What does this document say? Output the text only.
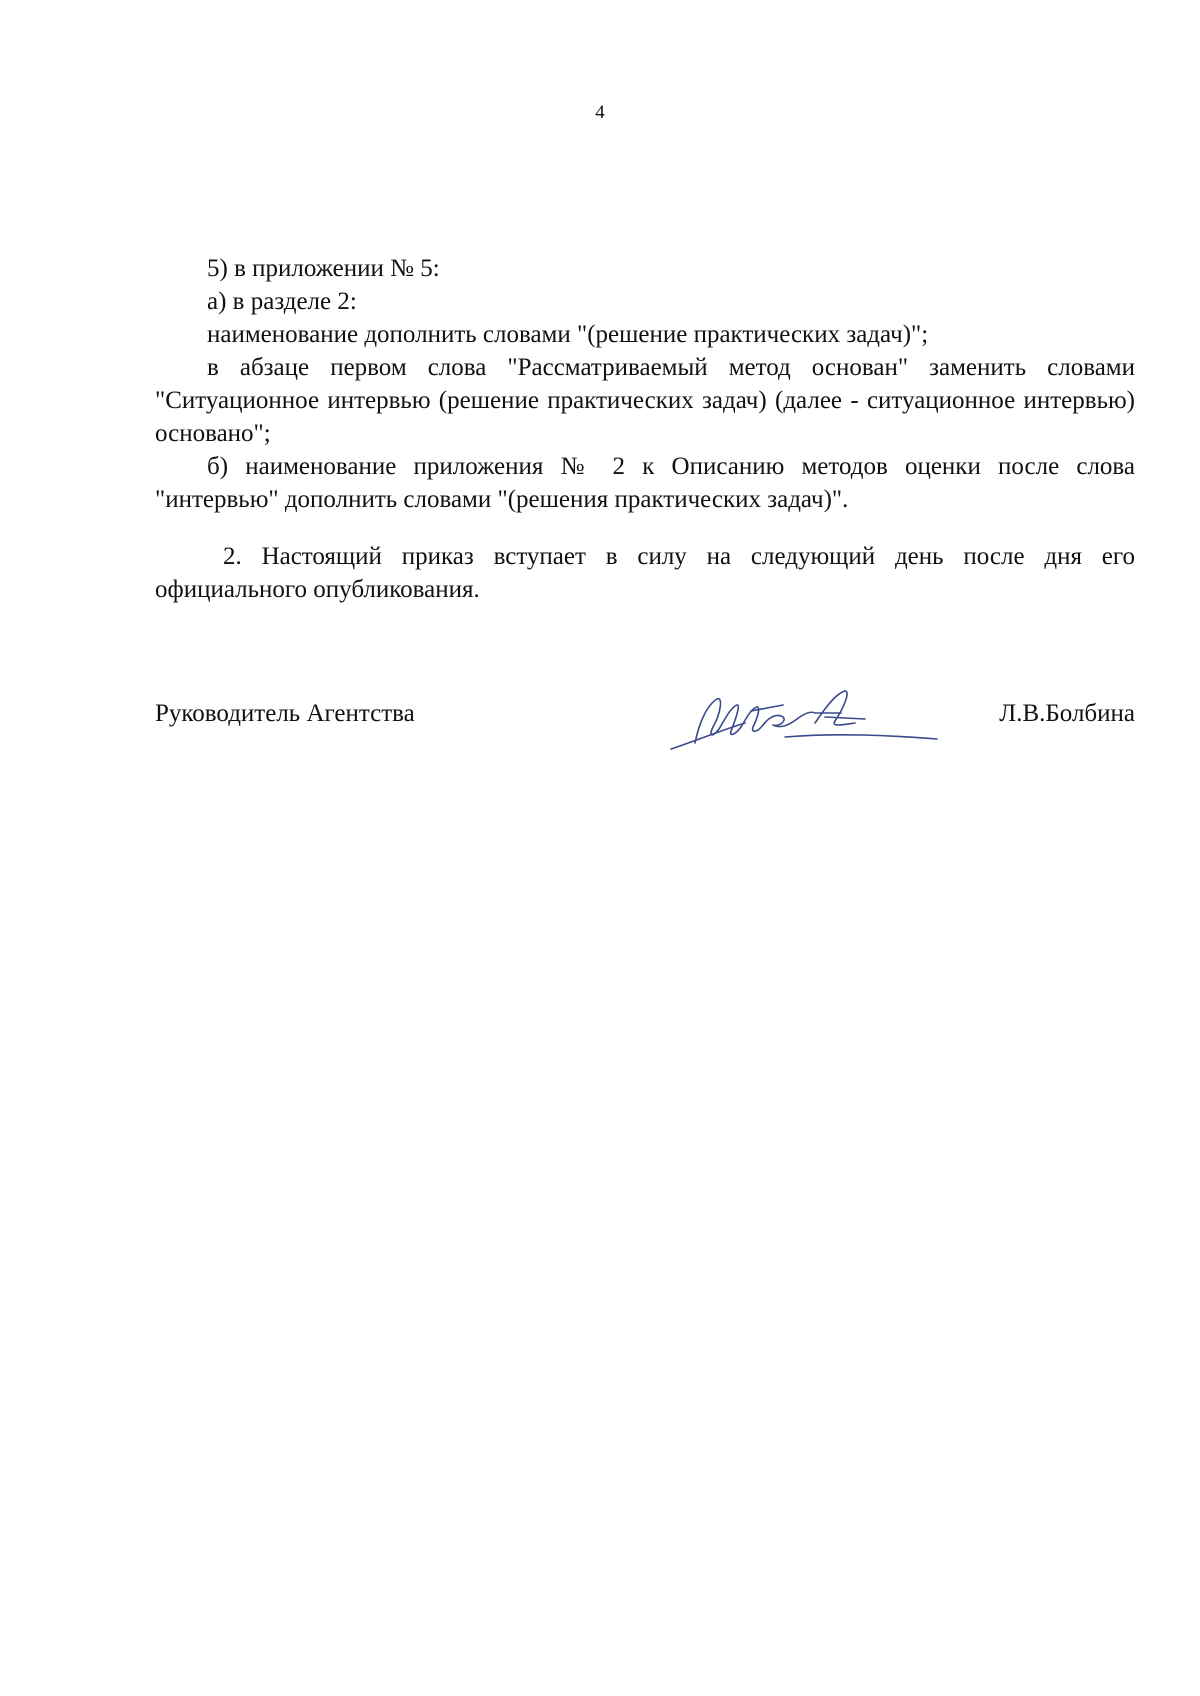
4

5) в приложении № 5:

а) в разделе 2:

наименование дополнить словами "(решение практических задач)";

в абзаце первом слова "Рассматриваемый метод основан" заменить словами "Ситуационное интервью (решение практических задач) (далее - ситуационное интервью) основано";

б) наименование приложения № 2 к Описанию методов оценки после слова "интервью" дополнить словами "(решения практических задач)".

2. Настоящий приказ вступает в силу на следующий день после дня его официального опубликования.

Руководитель Агентства	Л.В.Болбина
